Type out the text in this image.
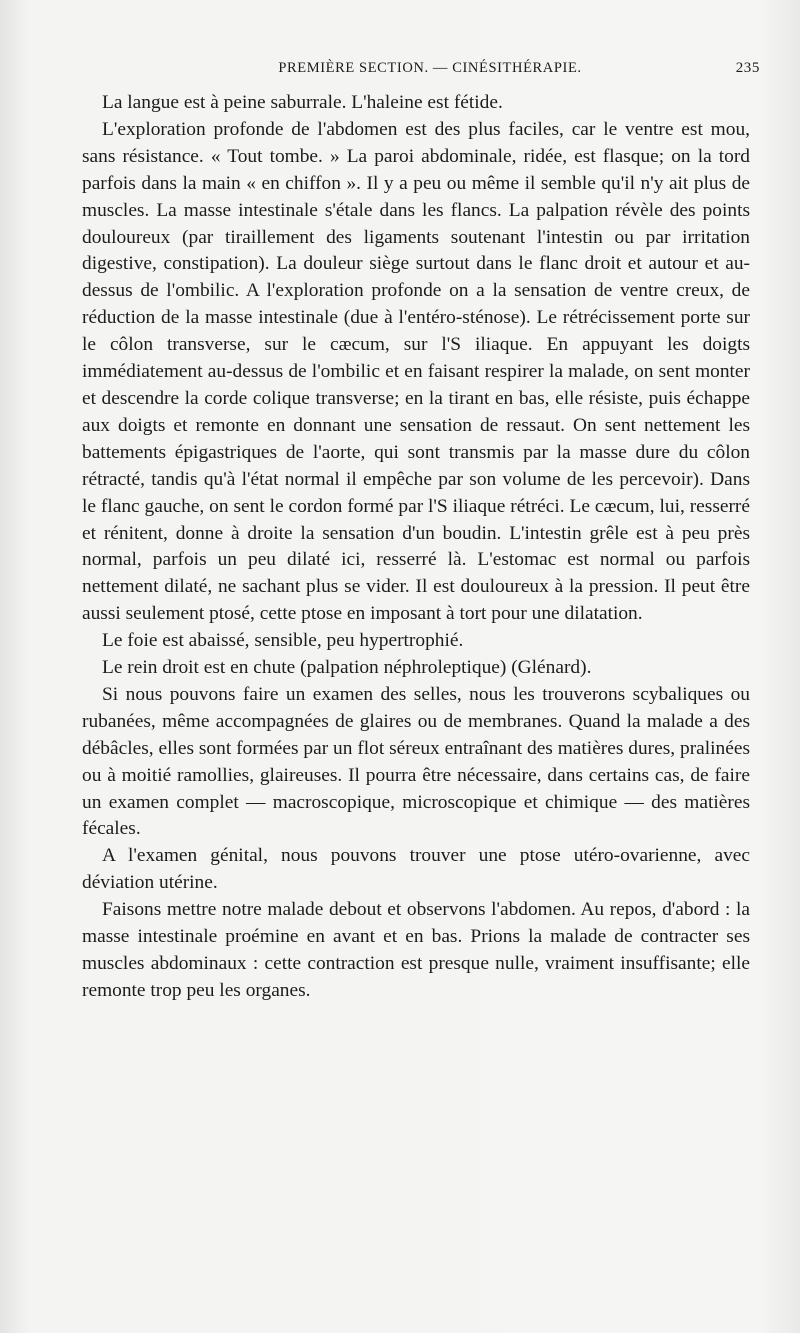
PREMIÈRE SECTION. — CINÉSITHÉRAPIE.	235

La langue est à peine saburrale. L'haleine est fétide.

L'exploration profonde de l'abdomen est des plus faciles, car le ventre est mou, sans résistance. « Tout tombe. » La paroi abdominale, ridée, est flasque; on la tord parfois dans la main « en chiffon ». Il y a peu ou même il semble qu'il n'y ait plus de muscles. La masse intestinale s'étale dans les flancs. La palpation révèle des points douloureux (par tiraillement des ligaments soutenant l'intestin ou par irritation digestive, constipation). La douleur siège surtout dans le flanc droit et autour et au-dessus de l'ombilic. A l'exploration profonde on a la sensation de ventre creux, de réduction de la masse intestinale (due à l'entéro-sténose). Le rétrécissement porte sur le côlon transverse, sur le cæcum, sur l'S iliaque. En appuyant les doigts immédiatement au-dessus de l'ombilic et en faisant respirer la malade, on sent monter et descendre la corde colique transverse; en la tirant en bas, elle résiste, puis échappe aux doigts et remonte en donnant une sensation de ressaut. On sent nettement les battements épigastriques de l'aorte, qui sont transmis par la masse dure du côlon rétracté, tandis qu'à l'état normal il empêche par son volume de les percevoir). Dans le flanc gauche, on sent le cordon formé par l'S iliaque rétréci. Le cæcum, lui, resserré et rénitent, donne à droite la sensation d'un boudin. L'intestin grêle est à peu près normal, parfois un peu dilaté ici, resserré là. L'estomac est normal ou parfois nettement dilaté, ne sachant plus se vider. Il est douloureux à la pression. Il peut être aussi seulement ptosé, cette ptose en imposant à tort pour une dilatation.

Le foie est abaissé, sensible, peu hypertrophié.

Le rein droit est en chute (palpation néphroleptique) (Glénard).

Si nous pouvons faire un examen des selles, nous les trouverons scybaliques ou rubanées, même accompagnées de glaires ou de membranes. Quand la malade a des débâcles, elles sont formées par un flot séreux entraînant des matières dures, pralinées ou à moitié ramollies, glaireuses. Il pourra être nécessaire, dans certains cas, de faire un examen complet — macroscopique, microscopique et chimique — des matières fécales.

A l'examen génital, nous pouvons trouver une ptose utéro-ovarienne, avec déviation utérine.

Faisons mettre notre malade debout et observons l'abdomen. Au repos, d'abord : la masse intestinale proémine en avant et en bas. Prions la malade de contracter ses muscles abdominaux : cette contraction est presque nulle, vraiment insuffisante; elle remonte trop peu les organes.
